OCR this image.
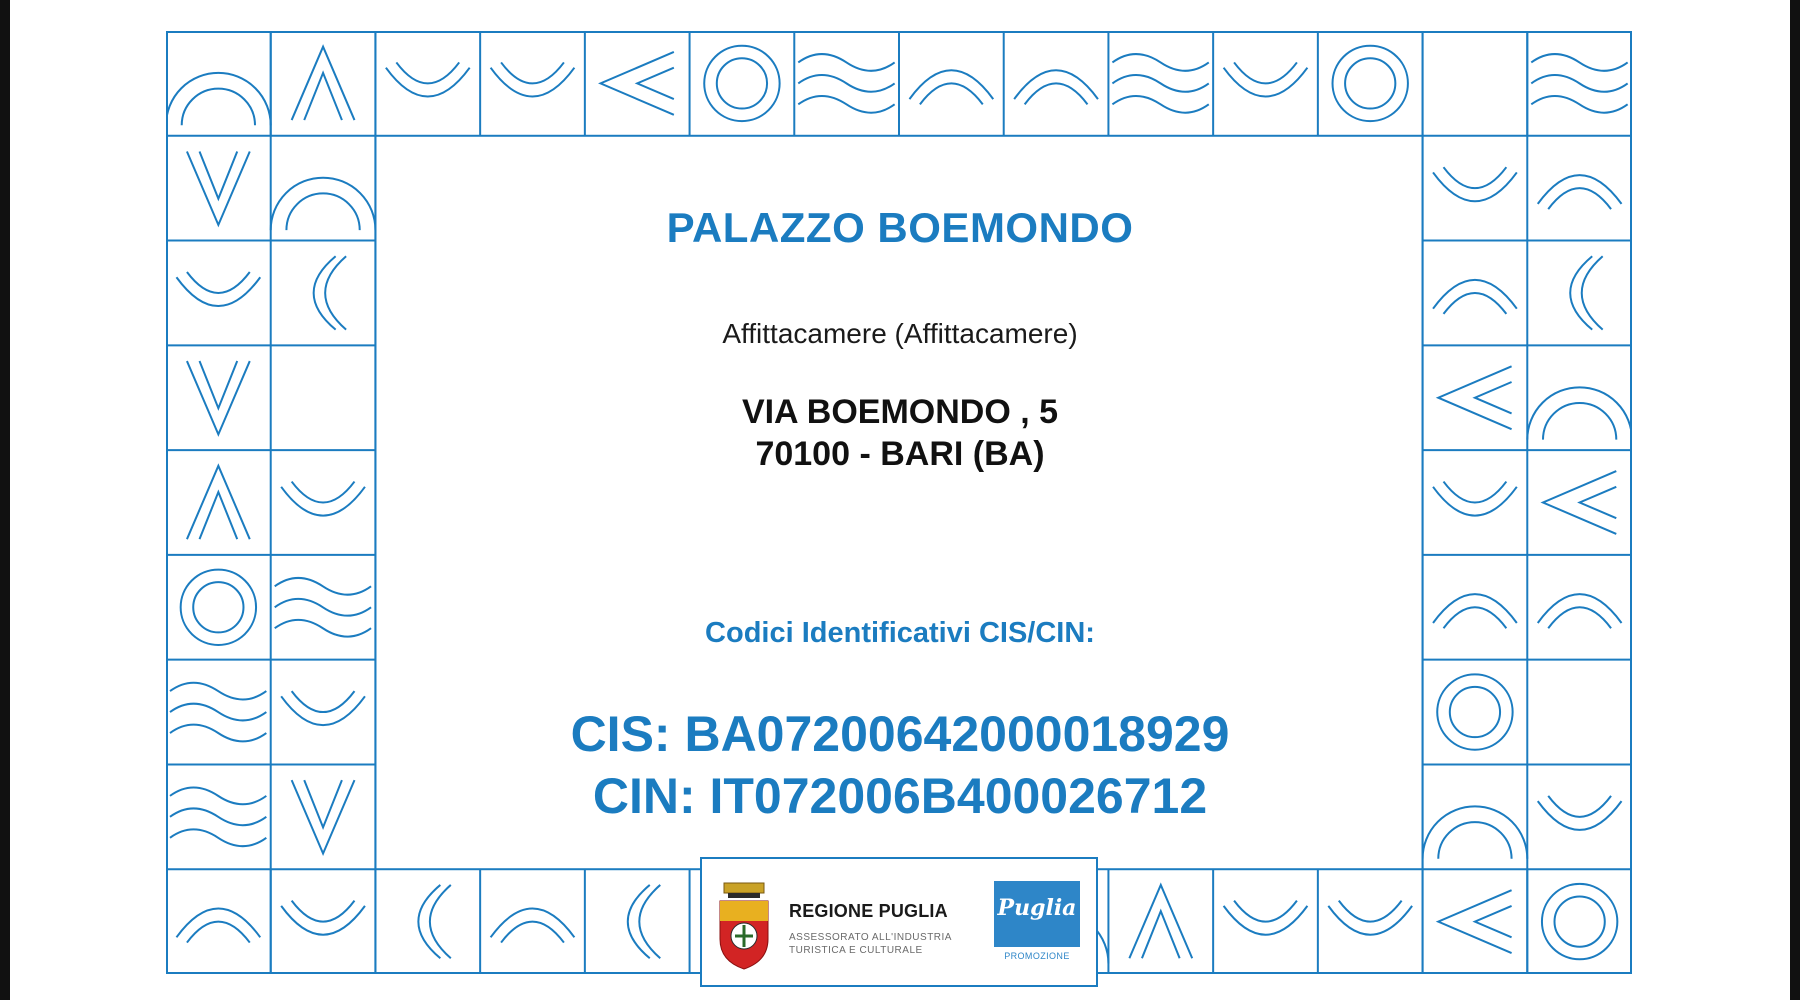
PALAZZO BOEMONDO
Affittacamere (Affittacamere)
VIA BOEMONDO , 5
70100 - BARI (BA)
Codici Identificativi CIS/CIN:
CIS: BA07200642000018929
CIN: IT072006B400026712
REGIONE PUGLIA
ASSESSORATO ALL'INDUSTRIA
TURISTICA E CULTURALE
Puglia
PROMOZIONE
